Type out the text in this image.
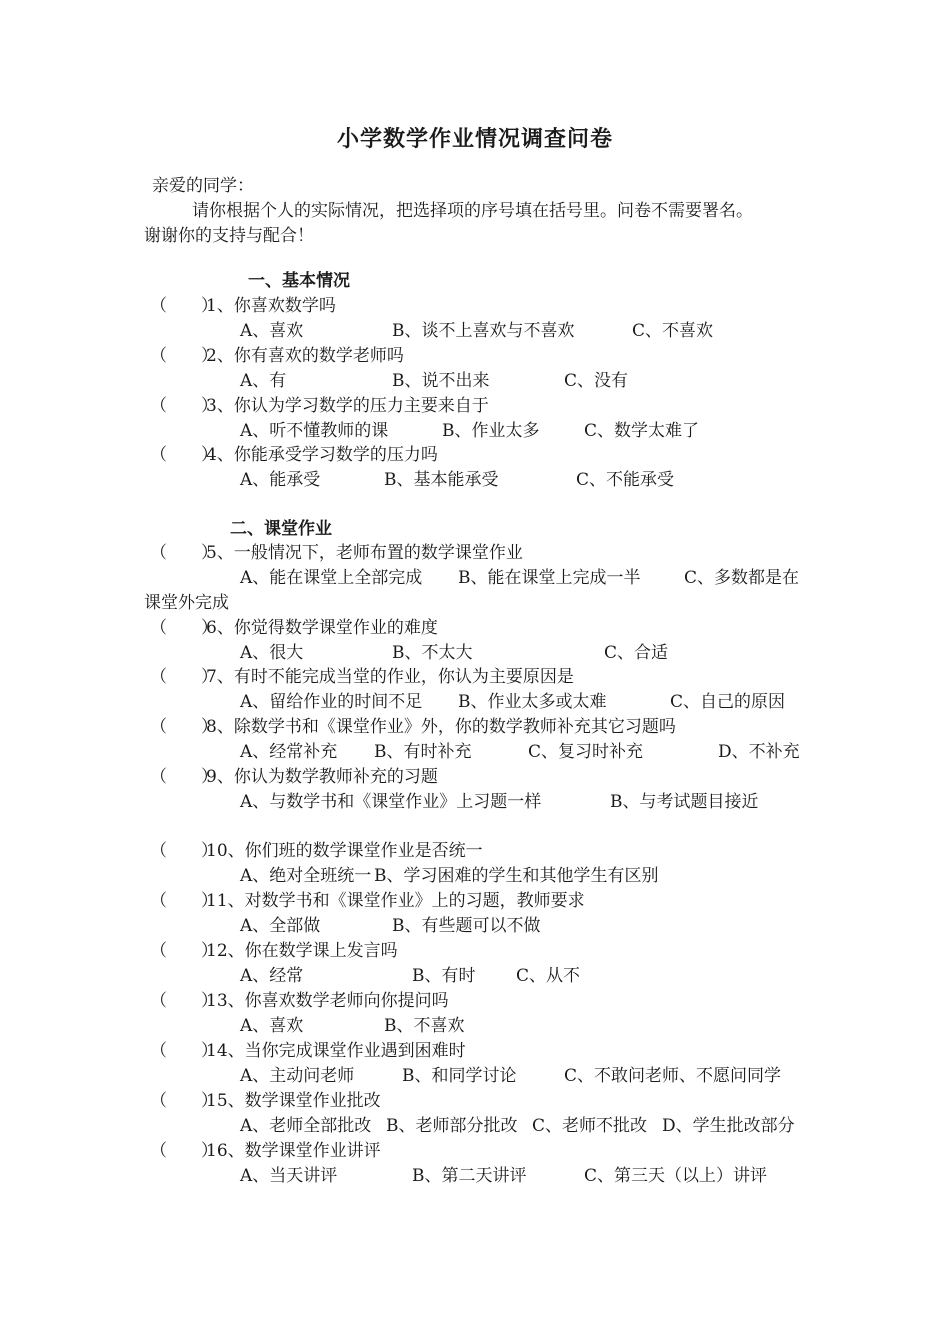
小学数学作业情况调查问卷
亲爱的同学：
请你根据个人的实际情况，把选择项的序号填在括号里。问卷不需要署名。
谢谢你的支持与配合！
一、基本情况
（　　）
1、你喜欢数学吗
A、喜欢	B、谈不上喜欢与不喜欢	C、不喜欢
（　　）
2、你有喜欢的数学老师吗
A、有	B、说不出来	C、没有
（　　）
3、你认为学习数学的压力主要来自于
A、听不懂教师的课	B、作业太多	C、数学太难了
（　　）
4、你能承受学习数学的压力吗
A、能承受	B、基本能承受	C、不能承受
二、课堂作业
（　　）
5、一般情况下，老师布置的数学课堂作业
A、能在课堂上全部完成 B、能在课堂上完成一半	C、多数都是在
课堂外完成
（　　）
6、你觉得数学课堂作业的难度
A、很大	B、不太大	C、合适
（　　）
7、有时不能完成当堂的作业，你认为主要原因是
A、留给作业的时间不足 B、作业太多或太难	C、自己的原因
（　　）
8、除数学书和《课堂作业》外，你的数学教师补充其它习题吗
A、经常补充 B、有时补充	C、复习时补充	D、不补充
（　　）
9、你认为数学教师补充的习题
A、与数学书和《课堂作业》上习题一样	B、与考试题目接近
（　　）
10、你们班的数学课堂作业是否统一
A、绝对全班统一 B、学习困难的学生和其他学生有区别
（　　）
11、对数学书和《课堂作业》上的习题，教师要求
A、全部做	B、有些题可以不做
（　　）
12、你在数学课上发言吗
A、经常	B、有时 C、从不
（　　）
13、你喜欢数学老师向你提问吗
A、喜欢	B、不喜欢
（　　）
14、当你完成课堂作业遇到困难时
A、主动问老师	B、和同学讨论	C、不敢问老师、不愿问同学
（　　）
15、数学课堂作业批改
A、老师全部批改 B、老师部分批改 C、老师不批改 D、学生批改部分
（　　）
16、数学课堂作业讲评
A、当天讲评	B、第二天讲评	C、第三天（以上）讲评
